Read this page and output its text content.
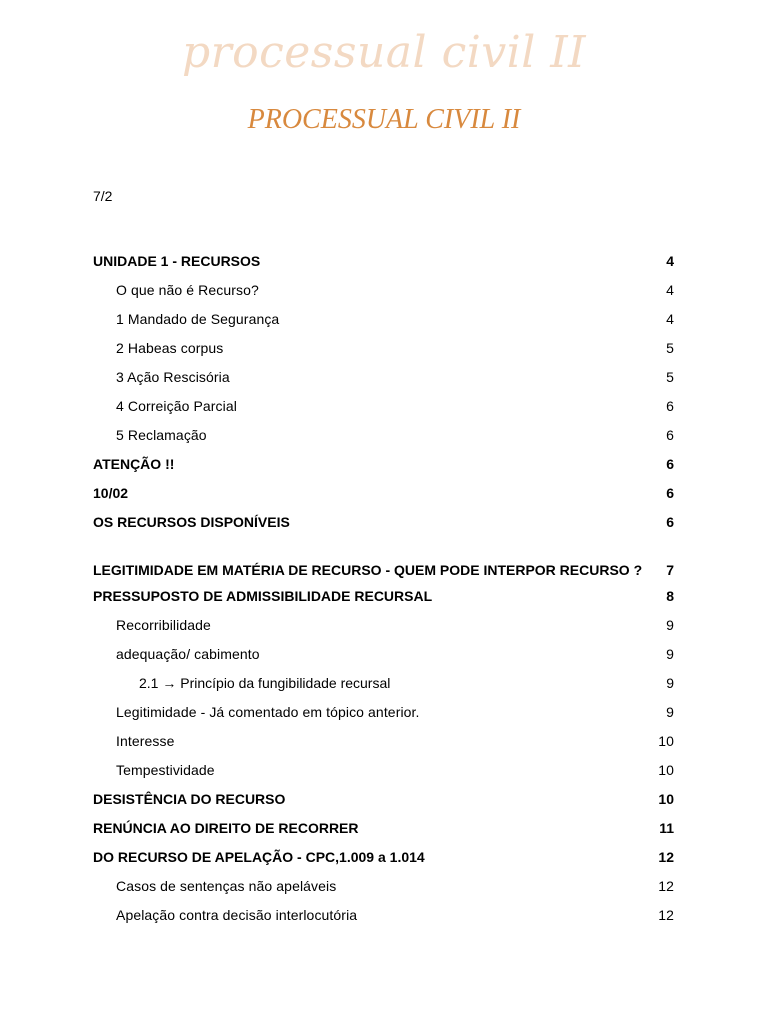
processual civil II
PROCESSUAL CIVIL II
7/2
UNIDADE 1 - RECURSOS	4
O que não é Recurso?	4
1 Mandado de Segurança	4
2 Habeas corpus	5
3 Ação Rescisória	5
4 Correição Parcial	6
5 Reclamação	6
ATENÇÃO !!	6
10/02	6
OS RECURSOS DISPONÍVEIS	6
LEGITIMIDADE EM MATÉRIA DE RECURSO - QUEM PODE INTERPOR RECURSO ?	7
PRESSUPOSTO DE ADMISSIBILIDADE RECURSAL	8
Recorribilidade	9
adequação/ cabimento	9
2.1 → Princípio da fungibilidade recursal	9
Legitimidade - Já comentado em tópico anterior.	9
Interesse	10
Tempestividade	10
DESISTÊNCIA DO RECURSO	10
RENÚNCIA AO DIREITO DE RECORRER	11
DO RECURSO DE APELAÇÃO - CPC,1.009 a 1.014	12
Casos de sentenças não apeláveis	12
Apelação contra decisão interlocutória	12
